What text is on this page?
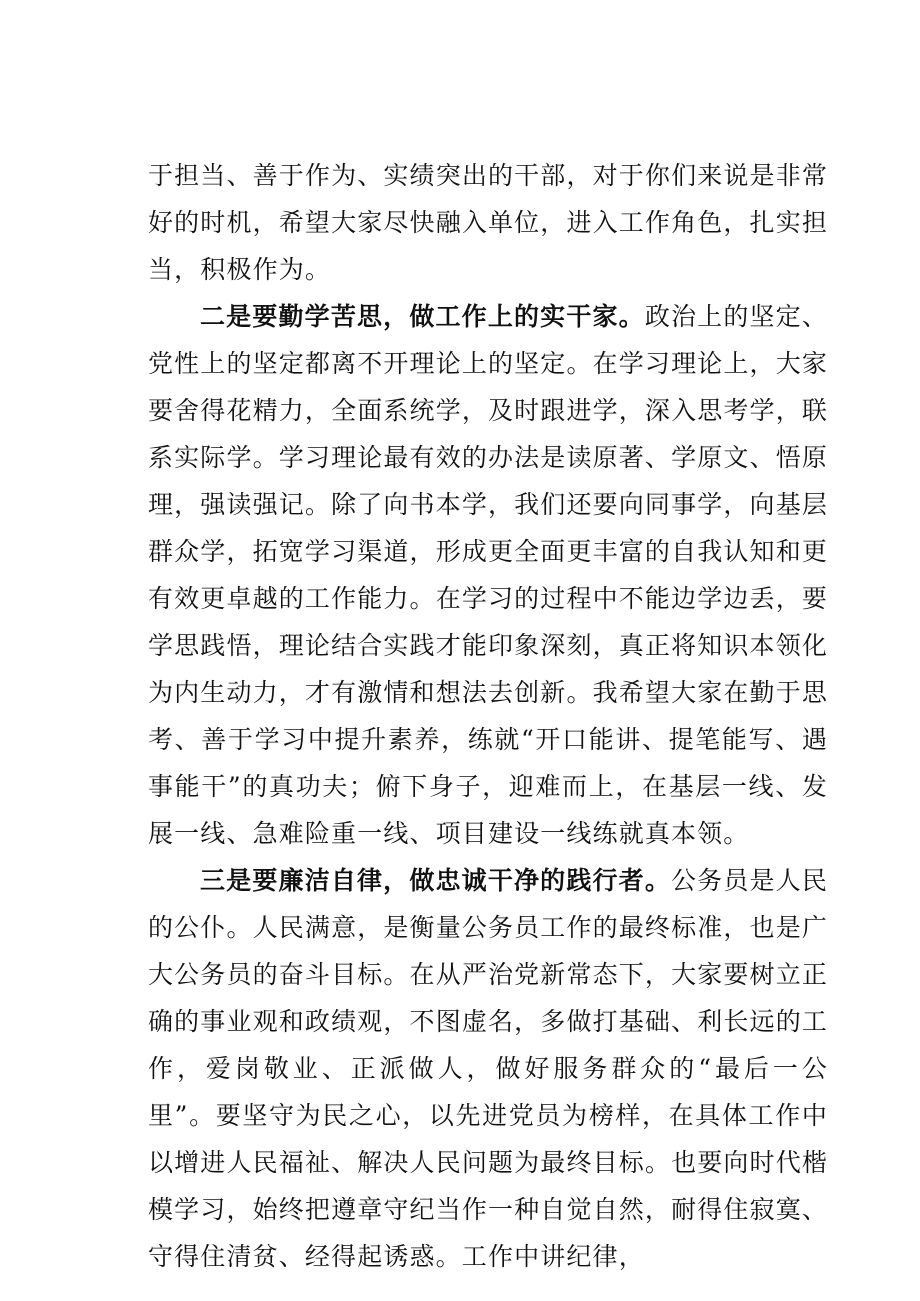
于担当、善于作为、实绩突出的干部，对于你们来说是非常好的时机，希望大家尽快融入单位，进入工作角色，扎实担当，积极作为。

二是要勤学苦思，做工作上的实干家。政治上的坚定、党性上的坚定都离不开理论上的坚定。在学习理论上，大家要舍得花精力，全面系统学，及时跟进学，深入思考学，联系实际学。学习理论最有效的办法是读原著、学原文、悟原理，强读强记。除了向书本学，我们还要向同事学，向基层群众学，拓宽学习渠道，形成更全面更丰富的自我认知和更有效更卓越的工作能力。在学习的过程中不能边学边丢，要学思践悟，理论结合实践才能印象深刻，真正将知识本领化为内生动力，才有激情和想法去创新。我希望大家在勤于思考、善于学习中提升素养，练就“开口能讲、提笔能写、遇事能干”的真功夫；俯下身子，迎难而上，在基层一线、发展一线、急难险重一线、项目建设一线练就真本领。

三是要廉洁自律，做忠诚干净的践行者。公务员是人民的公仆。人民满意，是衡量公务员工作的最终标准，也是广大公务员的奋斗目标。在从严治党新常态下，大家要树立正确的事业观和政绩观，不图虚名，多做打基础、利长远的工作，爱岗敬业、正派做人，做好服务群众的“最后一公里”。要坚守为民之心，以先进党员为榜样，在具体工作中以增进人民福祉、解决人民问题为最终目标。也要向时代楷模学习，始终把遵章守纪当作一种自觉自然，耐得住寂寞、守得住清贫、经得起诱惑。工作中讲纪律，
